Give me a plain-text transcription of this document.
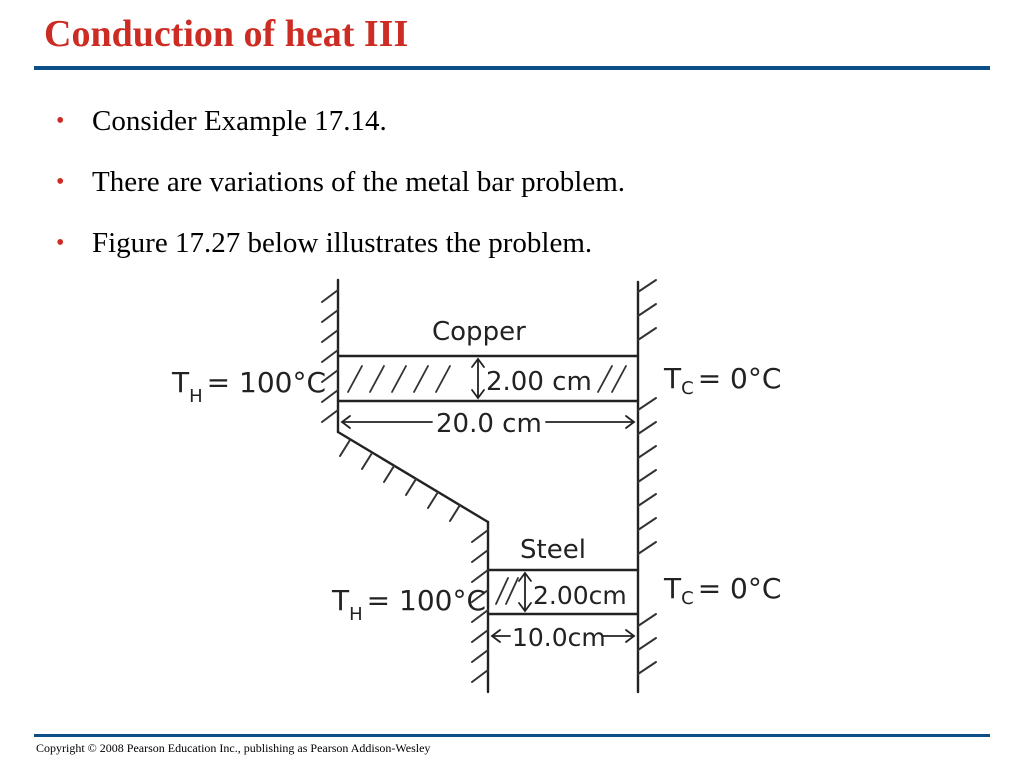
Conduction of heat III
• Consider Example 17.14.
• There are variations of the metal bar problem.
• Figure 17.27 below illustrates the problem.
Copper
2.00 cm
20.0 cm
$T_H = 100^\circ C$	$T_C = 0^\circ C$
Steel
2.00cm
10.0cm
$T_H = 100^\circ C$	$T_C = 0^\circ C$
Copyright © 2008 Pearson Education Inc., publishing as Pearson Addison-Wesley
